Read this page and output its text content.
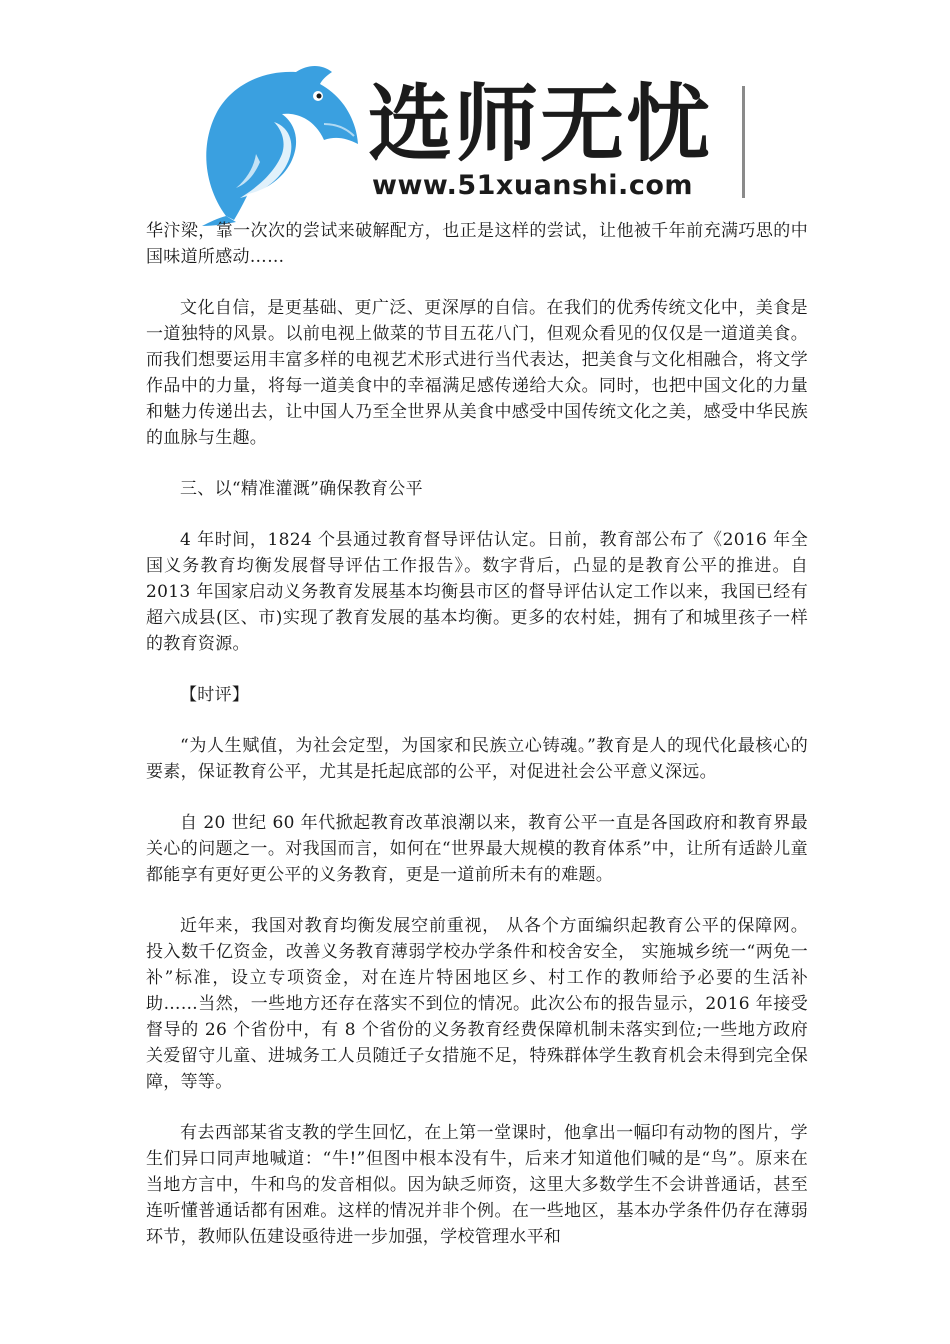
选师无忧
www.51xuanshi.com

华汴梁，靠一次次的尝试来破解配方，也正是这样的尝试，让他被千年前充满巧思的中国味道所感动……

文化自信，是更基础、更广泛、更深厚的自信。在我们的优秀传统文化中，美食是一道独特的风景。以前电视上做菜的节目五花八门，但观众看见的仅仅是一道道美食。而我们想要运用丰富多样的电视艺术形式进行当代表达，把美食与文化相融合，将文学作品中的力量，将每一道美食中的幸福满足感传递给大众。同时，也把中国文化的力量和魅力传递出去，让中国人乃至全世界从美食中感受中国传统文化之美，感受中华民族的血脉与生趣。

三、以“精准灌溉”确保教育公平

4 年时间，1824 个县通过教育督导评估认定。日前，教育部公布了《2016 年全国义务教育均衡发展督导评估工作报告》。数字背后，凸显的是教育公平的推进。自 2013 年国家启动义务教育发展基本均衡县市区的督导评估认定工作以来，我国已经有超六成县(区、市)实现了教育发展的基本均衡。更多的农村娃，拥有了和城里孩子一样的教育资源。

【时评】

“为人生赋值，为社会定型，为国家和民族立心铸魂。”教育是人的现代化最核心的要素，保证教育公平，尤其是托起底部的公平，对促进社会公平意义深远。

自 20 世纪 60 年代掀起教育改革浪潮以来，教育公平一直是各国政府和教育界最关心的问题之一。对我国而言，如何在“世界最大规模的教育体系”中，让所有适龄儿童都能享有更好更公平的义务教育，更是一道前所未有的难题。

近年来，我国对教育均衡发展空前重视， 从各个方面编织起教育公平的保障网。投入数千亿资金，改善义务教育薄弱学校办学条件和校舍安全， 实施城乡统一“两免一补”标准，设立专项资金，对在连片特困地区乡、村工作的教师给予必要的生活补助……当然，一些地方还存在落实不到位的情况。此次公布的报告显示，2016 年接受督导的 26 个省份中，有 8 个省份的义务教育经费保障机制未落实到位;一些地方政府关爱留守儿童、进城务工人员随迁子女措施不足，特殊群体学生教育机会未得到完全保障，等等。

有去西部某省支教的学生回忆，在上第一堂课时，他拿出一幅印有动物的图片，学生们异口同声地喊道：“牛!”但图中根本没有牛，后来才知道他们喊的是“鸟”。原来在当地方言中，牛和鸟的发音相似。因为缺乏师资，这里大多数学生不会讲普通话，甚至连听懂普通话都有困难。这样的情况并非个例。在一些地区，基本办学条件仍存在薄弱环节，教师队伍建设亟待进一步加强，学校管理水平和
